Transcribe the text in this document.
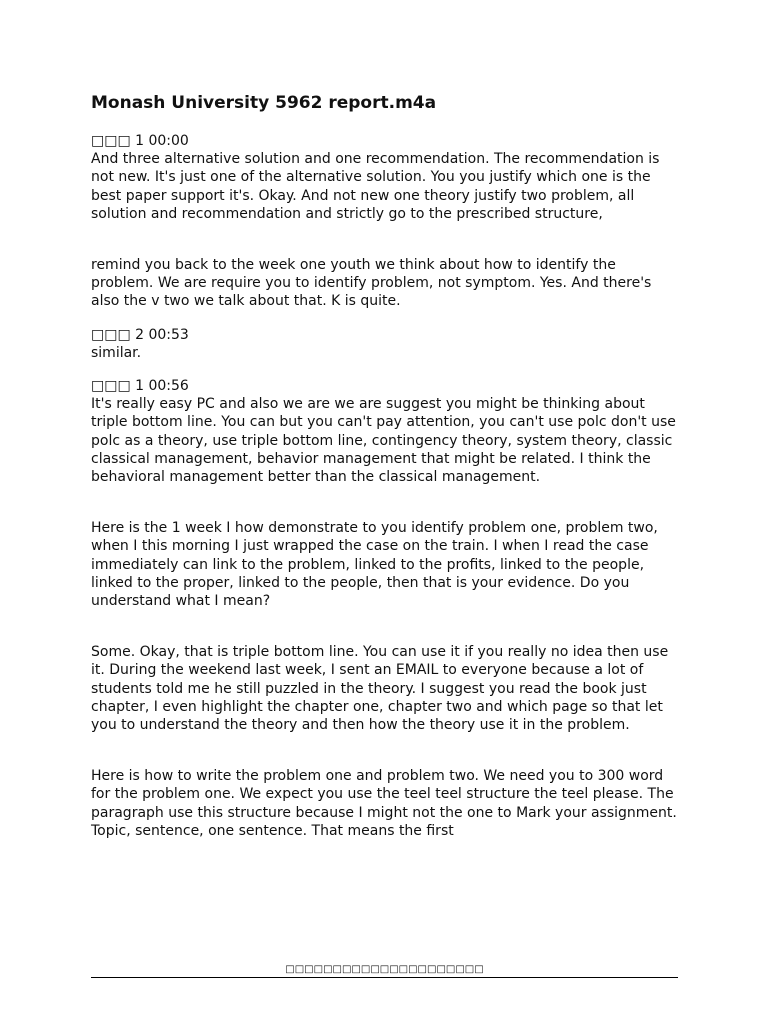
Monash University 5962 report.m4a
□□□ 1 00:00

And three alternative solution and one recommendation. The recommendation is not new. It's just one of the alternative solution. You you justify which one is the best paper support it's. Okay. And not new one theory justify two problem, all solution and recommendation and strictly go to the prescribed structure,

remind you back to the week one youth we think about how to identify the problem. We are require you to identify problem, not symptom. Yes. And there's also the v two we talk about that. K is quite.

□□□ 2 00:53

similar.

□□□ 1 00:56

It's really easy PC and also we are we are suggest you might be thinking about triple bottom line. You can but you can't pay attention, you can't use polc don't use polc as a theory, use triple bottom line, contingency theory, system theory, classic classical management, behavior management that might be related. I think the behavioral management better than the classical management.

Here is the 1 week I how demonstrate to you identify problem one, problem two, when I this morning I just wrapped the case on the train. I when I read the case immediately can link to the problem, linked to the profits, linked to the people, linked to the proper, linked to the people, then that is your evidence. Do you understand what I mean?

Some. Okay, that is triple bottom line. You can use it if you really no idea then use it. During the weekend last week, I sent an EMAIL to everyone because a lot of students told me he still puzzled in the theory. I suggest you read the book just chapter, I even highlight the chapter one, chapter two and which page so that let you to understand the theory and then how the theory use it in the problem.

Here is how to write the problem one and problem two. We need you to 300 word for the problem one. We expect you use the teel teel structure the teel please. The paragraph use this structure because I might not the one to Mark your assignment. Topic, sentence, one sentence. That means the first

□□□□□□□□□□□□□□□□□□□□□
